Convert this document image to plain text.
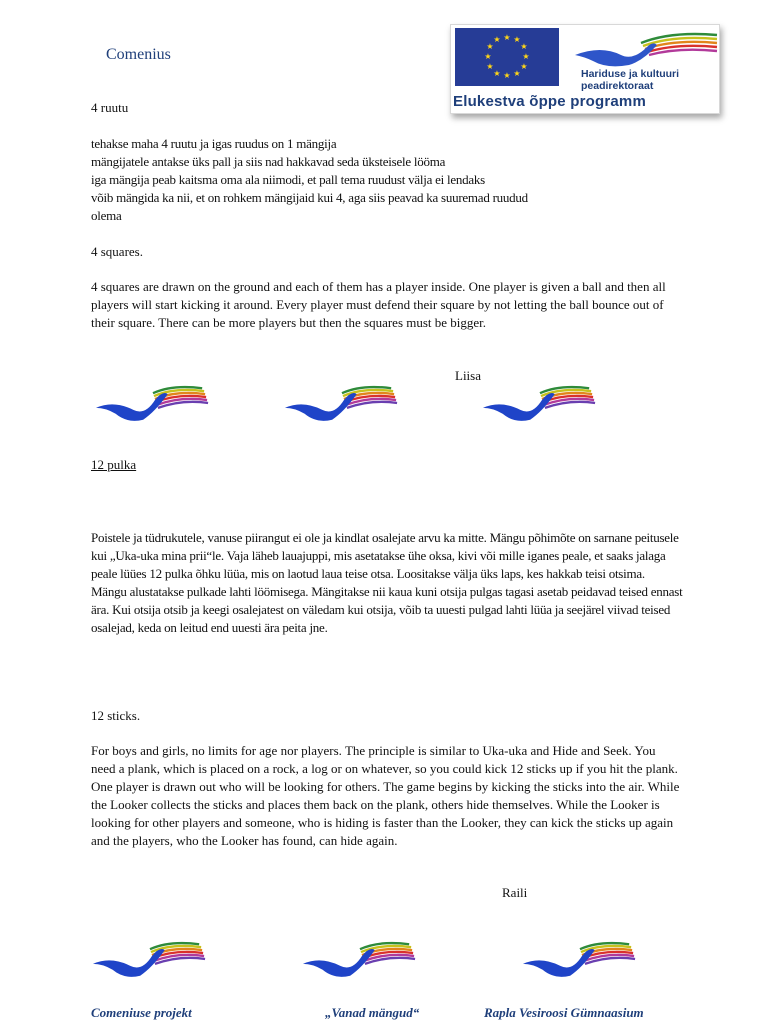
Comenius
★ ★
★
★
★
★
★
★
★
★
★
★
Hariduse ja kultuuri
peadirektoraat
Elukestva õppe programm
4 ruutu

tehakse maha 4 ruutu ja igas ruudus on 1 mängija

mängijatele antakse üks pall ja siis nad hakkavad seda üksteisele lööma

iga mängija peab kaitsma oma ala niimodi, et pall tema ruudust välja ei lendaks

võib mängida ka nii, et on rohkem mängijaid kui 4, aga siis peavad ka suuremad ruudud

olema

4 squares.
4 squares are drawn on the ground and each of them has a player inside. One player is given a ball and then all players will start kicking it around. Every player must defend their square by not letting the ball bounce out of their square. There can be more players but then the squares must be bigger.
Liisa
12 pulka
Poistele ja tüdrukutele, vanuse piirangut ei ole ja kindlat osalejate arvu ka mitte. Mängu põhimõte on sarnane peitusele kui „Uka-uka mina prii“le. Vaja läheb lauajuppi, mis asetatakse ühe oksa, kivi või mille iganes peale, et saaks jalaga peale lüües 12 pulka õhku lüüa, mis on laotud laua teise otsa. Loositakse välja üks laps, kes hakkab teisi otsima. Mängu alustatakse pulkade lahti löömisega. Mängitakse nii kaua kuni otsija pulgas tagasi asetab peidavad teised ennast ära. Kui otsija otsib ja keegi osalejatest on väledam kui otsija, võib ta uuesti pulgad lahti lüüa ja seejärel viivad teised osalejad, keda on leitud end uuesti ära peita jne.
12 sticks.
For boys and girls, no limits for age nor players. The principle is similar to Uka-uka and Hide and Seek. You need a plank, which is placed on a rock, a log or on whatever, so you could kick 12 sticks up if you hit the plank. One player is drawn out who will be looking for others. The game begins by kicking the sticks into the air. While the Looker collects the sticks and places them back on the plank, others hide themselves. While the Looker is looking for other players and someone, who is hiding is faster than the Looker, they can kick the sticks up again and the players, who the Looker has found, can hide again.
Raili
Comeniuse projekt	„Vanad mängud“	Rapla Vesiroosi Gümnaasium
